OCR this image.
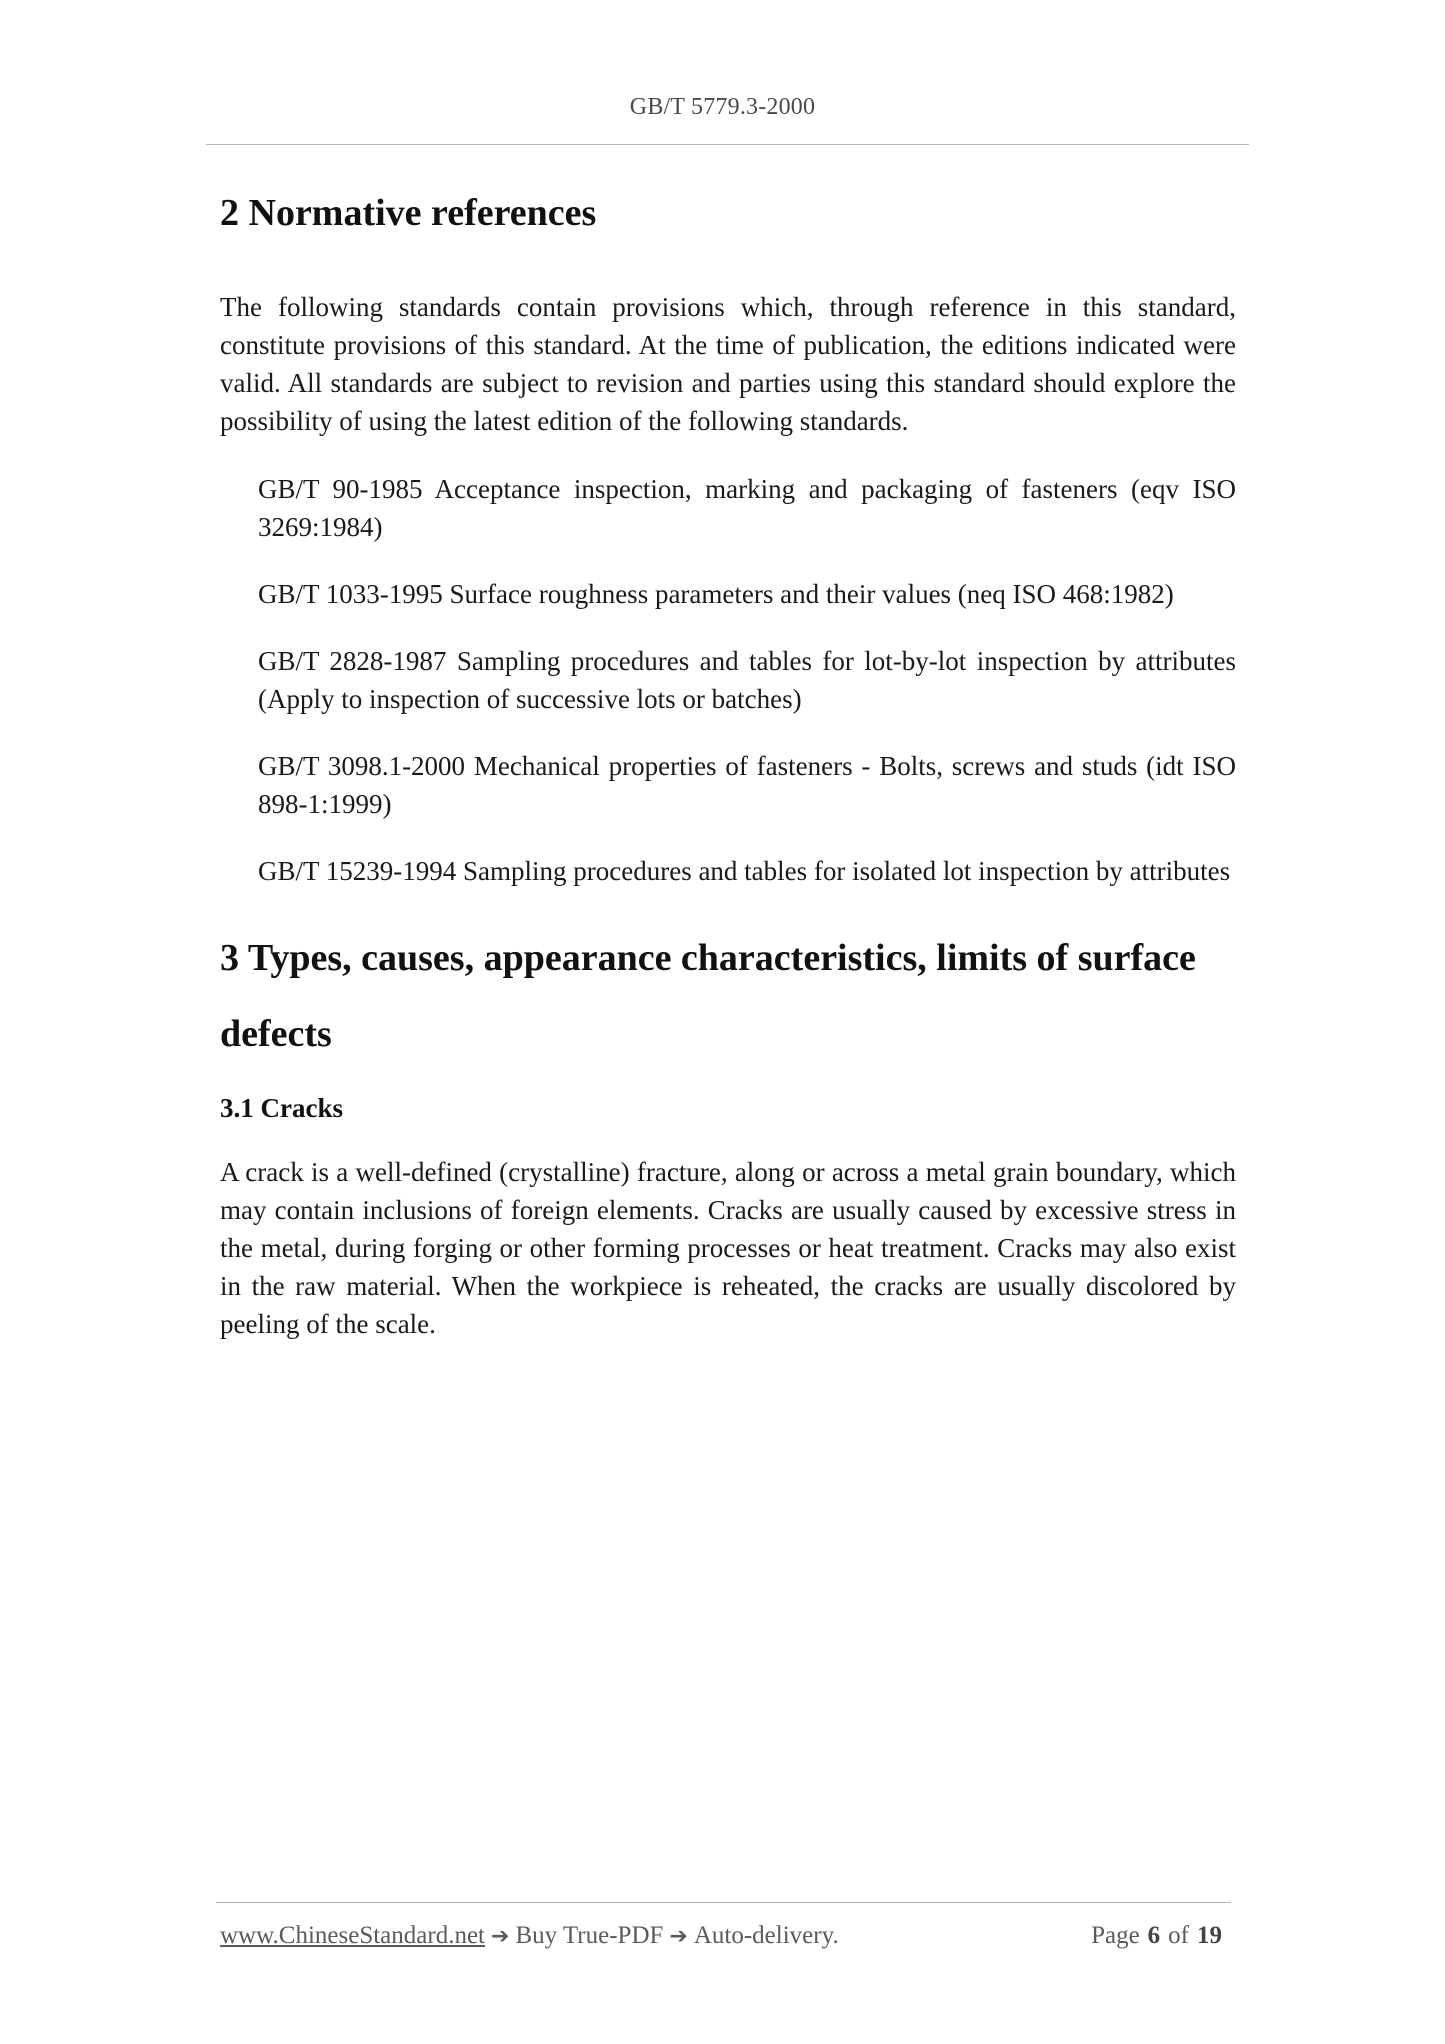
GB/T 5779.3-2000
2 Normative references

The following standards contain provisions which, through reference in this standard, constitute provisions of this standard. At the time of publication, the editions indicated were valid. All standards are subject to revision and parties using this standard should explore the possibility of using the latest edition of the following standards.

GB/T 90-1985 Acceptance inspection, marking and packaging of fasteners (eqv ISO 3269:1984)
GB/T 1033-1995 Surface roughness parameters and their values (neq ISO 468:1982)
GB/T 2828-1987 Sampling procedures and tables for lot-by-lot inspection by attributes (Apply to inspection of successive lots or batches)
GB/T 3098.1-2000 Mechanical properties of fasteners - Bolts, screws and studs (idt ISO 898-1:1999)
GB/T 15239-1994 Sampling procedures and tables for isolated lot inspection by attributes
3 Types, causes, appearance characteristics, limits of surface defects
3.1 Cracks

A crack is a well-defined (crystalline) fracture, along or across a metal grain boundary, which may contain inclusions of foreign elements. Cracks are usually caused by excessive stress in the metal, during forging or other forming processes or heat treatment. Cracks may also exist in the raw material. When the workpiece is reheated, the cracks are usually discolored by peeling of the scale.

www.ChineseStandard.net ➔ Buy True-PDF ➔ Auto-delivery.	Page 6 of 19
